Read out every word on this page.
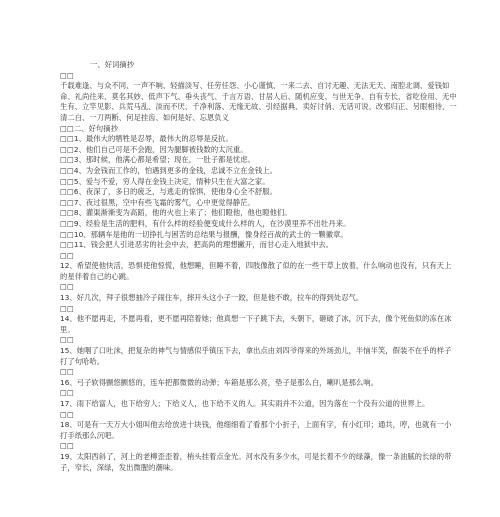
一、好词摘抄
□□
千载难逢、与众不同、一声不响、轻描淡写、任劳任怨、小心谨慎、一来二去、自讨无趣、无法无天、南腔北调、爱钱如命、礼尚往来、莫名其妙、低声下气、垂头丧气、千言万语、甘居人后、随机应变、与世无争、自有专长、省吃俭用、无中生有、立竿见影、兵荒马乱、淡而不厌、千净利落、无缘无故、引经据典、卖好讨俏、无话可说、改邪归正、另眼相待、一清二白、一刀两断、何足挂齿、如何是好、忘恩负义
□□二、好句摘抄
□□1、最伟大的牺牲是忍辱，最伟大的忍辱是反抗。
□□2、他们自己可是不会跑，因为腿脚被钱数的太沉重。
□□3、那时候，他满心都是希望；现在，一肚子都是忧虑。
□□4、为金钱而工作的，怕遇到更多的金钱，忠诚不立在金钱上。
□□5、爱与不爱，穷人得在金钱上决定，情种只生在大富之家。
□□6、夜深了，多日的疲乏，与逃走的惊惧，使他身心全不舒服。
□□7、夜过很黑，空中有些飞霜的雾气，心中更觉得静茫。
□□8、灌渠渐渐变为高蹈，他的火也上来了；他们瞪他，他也瞪他们。
□□9、经验是生活的肥料，有什么样的经验便变成什么样的人，在沙漠里养不出牡丹来。
□□10、那辆车是他的一切挣扎与困苦的总结果与报酬，像身经百战的武士的一颗徽章。
□□11、钱会把人引进恶劣的社会中去，把高尚的理想撇开，而甘心走入地狱中去。
□□
12、希望使他快活，恐惧使他惊慌，他想睡，但睡不着，四肢像散了似的在一些干草上放着，什么响动也没有，只有天上的星伴着自己的心跳。
□□
13、好几次，拜子很想抽冷子闹住车，摔开头这小子一跤，但是他不敢，拉车的得到处忍气。
□□
14、他不愿再走，不愿再看，更不愿再陪着她；他真想一下子跳下去，头朝下，砸破了冰，沉下去，像个死鱼似的冻在冰里。
□□
15、她咽了口吐沫，把复杂的神气与情感似乎镇压下去，拿出点由刘四爷得来的外场劲儿，半恼半笑，假装不在乎的样子打了句哈哈。
□□
16、弓子软得颤悠颤悠的，连车把都微微的动弹；车箱是那么亮，垫子是那么白，喇叭是那么响。
□□
17、雨下给富人，也下给穷人；下给义人，也下给不义的人。其实雨并不公道，因为落在一个没有公道的世界上。
□□
18、可是有一天万大小姐叫他去给放进十块钱，他细细看了看那个小折子，上面有字，有小红印；通共，哼，也就有一小打手纸那么沉吧。
□□
19、太阳西斜了，河上的老柳歪歪着，梢头挂着点金光。河水没有多少水，可是长着不少的绿藻，像一条油腻的长绿的带子，窄长，深绿，发出微腥的潮味。
